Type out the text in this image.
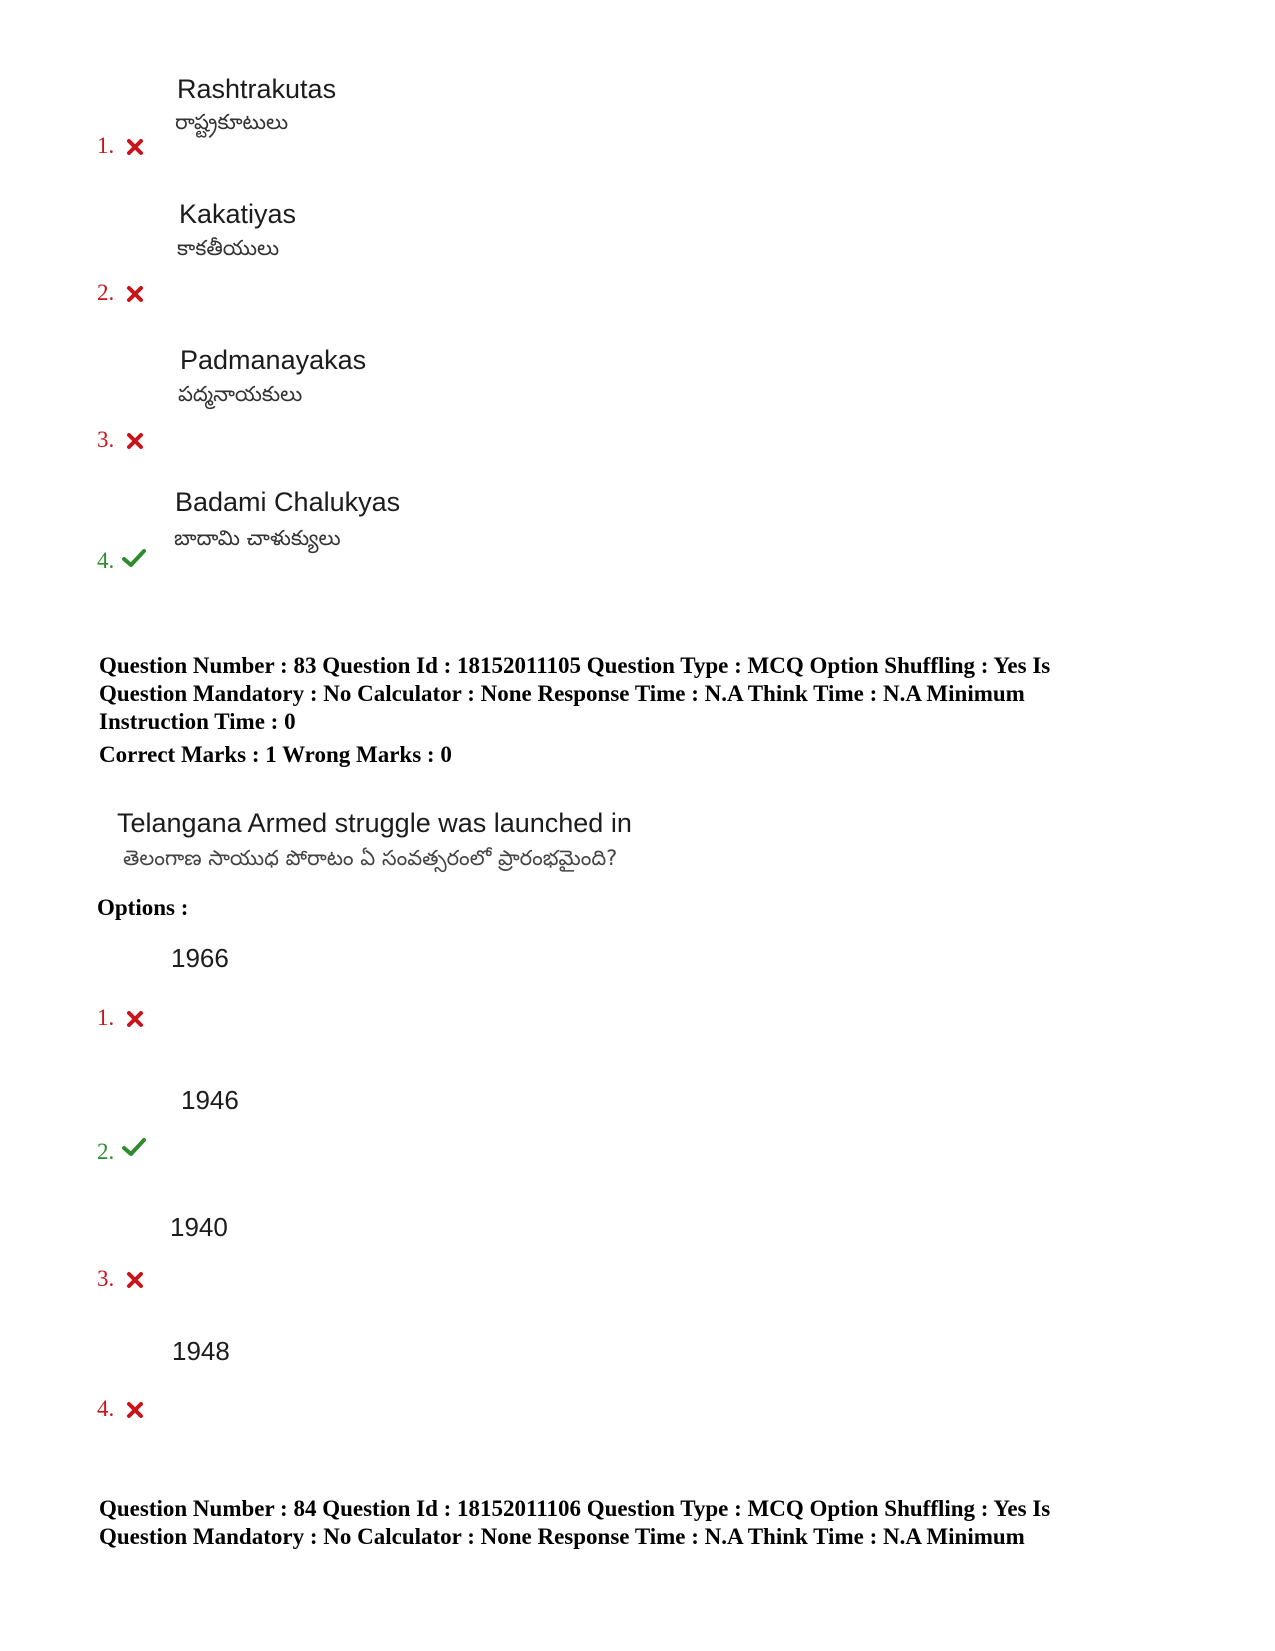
Rashtrakutas
రాష్ట్రకూటులు
1.
Kakatiyas
కాకతీయులు
2.
Padmanayakas
పద్మనాయకులు
3.
Badami Chalukyas
బాదామి చాళుక్యులు
4.
Question Number : 83 Question Id : 18152011105 Question Type : MCQ Option Shuffling : Yes Is
Question Mandatory : No Calculator : None Response Time : N.A Think Time : N.A Minimum
Instruction Time : 0
Correct Marks : 1 Wrong Marks : 0
Telangana Armed struggle was launched in
తెలంగాణ సాయుధ పోరాటం ఏ సంవత్సరంలో ప్రారంభమైంది?
Options :
1966
1.
1946
2.
1940
3.
1948
4.
Question Number : 84 Question Id : 18152011106 Question Type : MCQ Option Shuffling : Yes Is
Question Mandatory : No Calculator : None Response Time : N.A Think Time : N.A Minimum
